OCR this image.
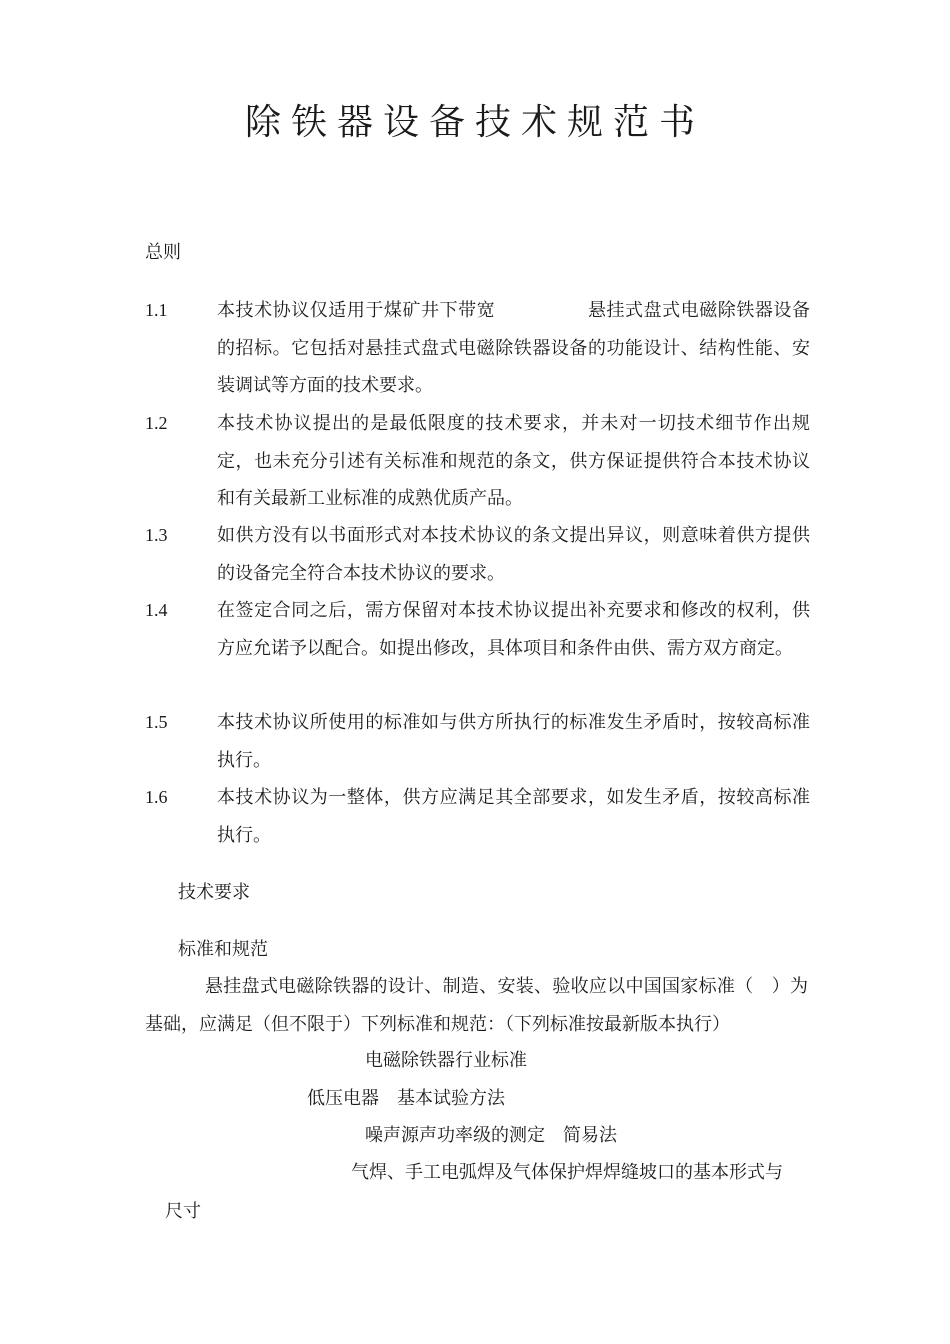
除铁器设备技术规范书
总则
1.1	本技术协议仅适用于煤矿井下带宽　　　　　悬挂式盘式电磁除铁器设备的招标。它包括对悬挂式盘式电磁除铁器设备的功能设计、结构性能、安装调试等方面的技术要求。
1.2	本技术协议提出的是最低限度的技术要求，并未对一切技术细节作出规定，也未充分引述有关标准和规范的条文，供方保证提供符合本技术协议和有关最新工业标准的成熟优质产品。
1.3	如供方没有以书面形式对本技术协议的条文提出异议，则意味着供方提供的设备完全符合本技术协议的要求。
1.4	在签定合同之后，需方保留对本技术协议提出补充要求和修改的权利，供方应允诺予以配合。如提出修改，具体项目和条件由供、需方双方商定。
1.5	本技术协议所使用的标准如与供方所执行的标准发生矛盾时，按较高标准执行。
1.6	本技术协议为一整体，供方应满足其全部要求，如发生矛盾，按较高标准执行。
技术要求
标准和规范
悬挂盘式电磁除铁器的设计、制造、安装、验收应以中国国家标准（　）为基础，应满足（但不限于）下列标准和规范：（下列标准按最新版本执行）
电磁除铁器行业标准
低压电器　基本试验方法
噪声源声功率级的测定　简易法
气焊、手工电弧焊及气体保护焊焊缝坡口的基本形式与
尺寸
